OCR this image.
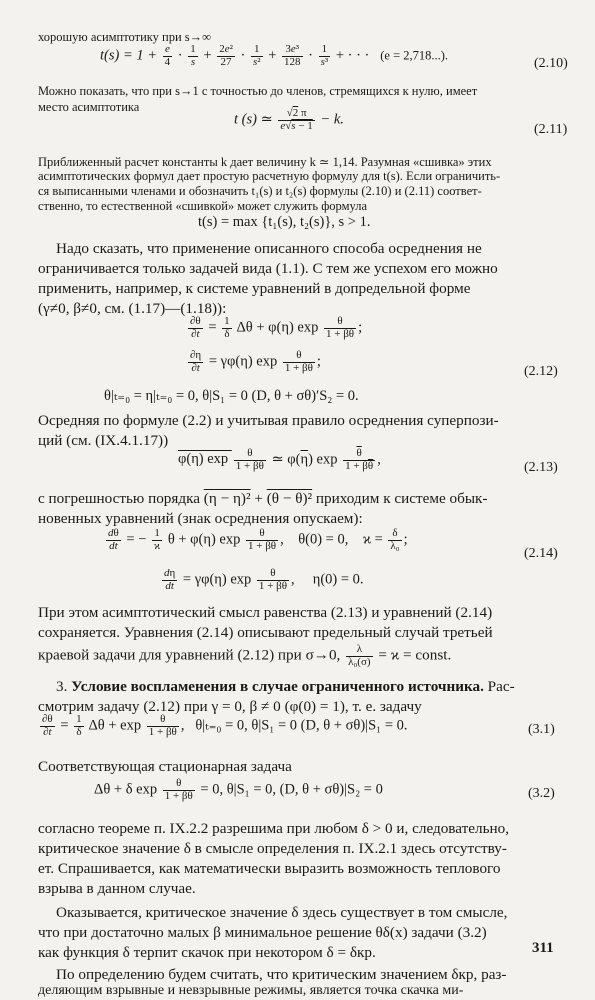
хорошую асимптотику при s→∞
$t(s) = 1 + \frac{e}{4} \cdot \frac{1}{s} + \frac{\text{2e²}}{27} \cdot \frac{1}{\text{s²}} + \frac{\text{3e³}}{128} \cdot \frac{1}{\text{s³}}$ + · · ·   (e = 2,718...).
(2.10)
Можно показать, что при s→1 с точностью до членов, стремящихся к нулю, имеет
место асимптотика
t (s) ≃ $\frac{√2 \pi}{e√s - 1} - k$.
(2.11)
Приближенный расчет константы k дает величину k ≃ 1,14. Разумная «сшивка» этих
асимптотических формул дает простую расчетную формулу для t(s). Если ограничить-
ся выписанными членами и обозначить t₁(s) и t₂(s) формулы (2.10) и (2.11) соответ-
ственно, то естественной «сшивкой» может служить формула
t(s) = max {t₁(s), t₂(s)}, s > 1.
Надо сказать, что применение описанного способа осреднения не
ограничивается только задачей вида (1.1). С тем же успехом его можно
применить, например, к системе уравнений в допредельной форме
(γ≠0, β≠0, см. (1.17)—(1.18)):
$\frac{\partial\theta}{\partial t} = \frac{1}{\delta}$ Δθ + φ(η) $\exp \frac{\theta}{1 + \beta\theta}$ ;
$\frac{\partial\eta}{\partial t} = \gamma\varphi(\eta)$ $\exp \frac{\theta}{1 + \beta\theta}$ ;
(2.12)
θ|ₜ₌₀ = η|ₜ₌₀ = 0, θ|S₁ = 0 (D, θ + σθ)′S₂ = 0.
Осредняя по формуле (2.2) и учитывая правило осреднения суперпози-
ций (см. (IX.4.1.17))
φ(η) $\exp \frac{\theta}{1 + \beta\theta}$ ≃ $\varphi(\overline{\eta})$ $\exp \frac{\overline{\theta}}{1 + \beta\overline{\theta}}$ ,
(2.13)
с погрешностью порядка (η − η)² + (θ − θ)² приходим к системе обык-
новенных уравнений (знак осреднения опускаем):
$\frac{d\theta}{dt}$ = − $\frac{1}{ϰ}$ θ + φ(η) $\exp \frac{\theta}{1 + \beta\theta}$ ,    θ(0) = 0,    $ϰ = \frac{\delta}{\text{λ₀}}$ ;
(2.14)
$\frac{d\eta}{dt} = \gamma\varphi(\eta)$ $\exp \frac{\theta}{1 + \beta\theta}$ ,     η(0) = 0.
При этом асимптотический смысл равенства (2.13) и уравнений (2.14)
сохраняется. Уравнения (2.14) описывают предельный случай третьей
краевой задачи для уравнений (2.12) при σ→0, $\frac{\lambda}{\text{λ₀(σ)}} = ϰ$ = const.
3. Условие воспламенения в случае ограниченного источника. Рас-
смотрим задачу (2.12) при γ = 0, β ≠ 0 (φ(0) = 1), т. е. задачу
$\frac{\partial\theta}{\partial t} = \frac{1}{\delta}$ $\Delta\theta + \exp \frac{\theta}{1 + \beta\theta}$ ,   θ|ₜ₌₀ = 0, θ|S₁ = 0 (D, θ + σθ)|S₁ = 0.	(3.1)
Соответствующая стационарная задача
Δθ + δ $\exp \frac{\theta}{1 + \beta\theta} = 0$, θ|S₁ = 0, (D, θ + σθ)|S₂ = 0	(3.2)
согласно теореме п. IX.2.2 разрешима при любом δ > 0 и, следовательно,
критическое значение δ в смысле определения п. IX.2.1 здесь отсутству-
ет. Спрашивается, как математически выразить возможность теплового
взрыва в данном случае.
Оказывается, критическое значение δ здесь существует в том смысле,
что при достаточно малых β минимальное решение θδ(x) задачи (3.2)
как функция δ терпит скачок при некотором δ = δкр.
По определению будем считать, что критическим значением δкр, раз-
деляющим взрывные и невзрывные режимы, является точка скачка ми-
311
